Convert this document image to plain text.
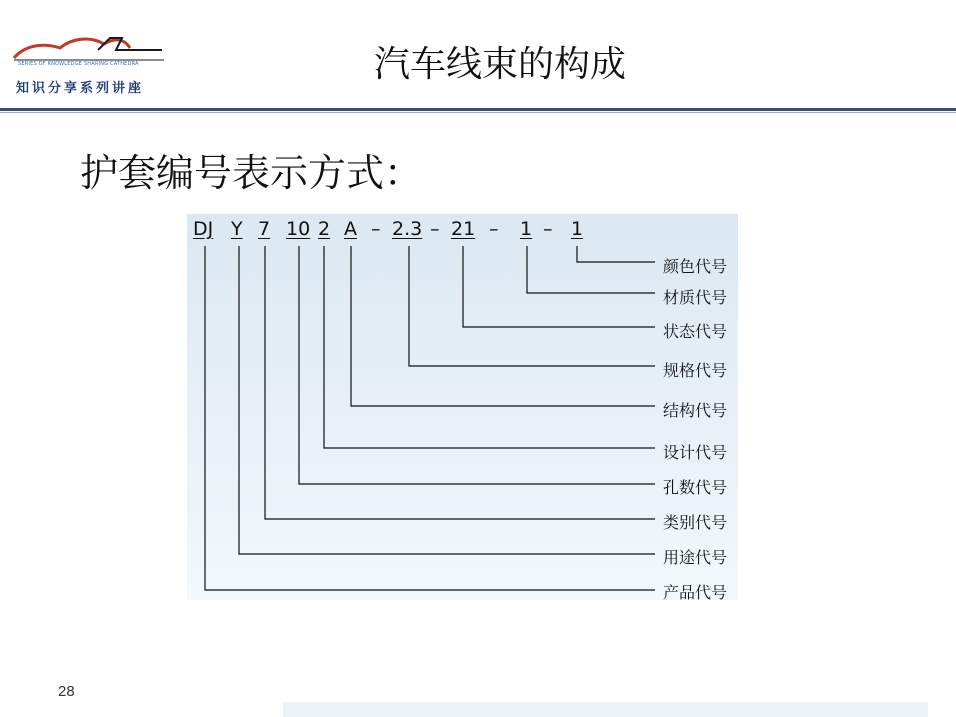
SERIES OF KNOWLEDGE SHARING CATHEDRA
知识分享系列讲座
汽车线束的构成
护套编号表示方式：
DJ Y 7 10 2 A – 2.3 – 21 – 1 – 1
颜色代号
材质代号
状态代号
规格代号
结构代号
设计代号
孔数代号
类别代号
用途代号
产品代号
28
